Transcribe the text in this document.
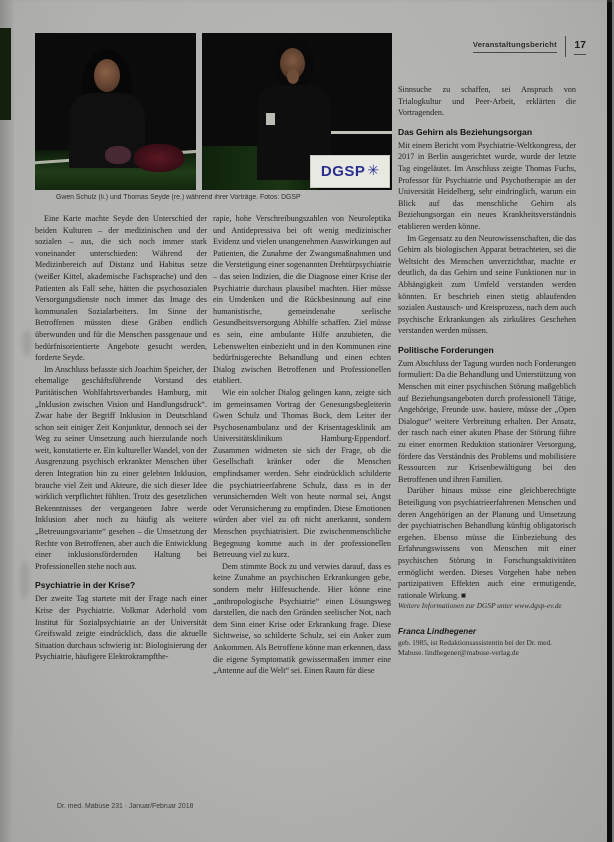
Veranstaltungsbericht 17
DGSP ✳
Gwen Schulz (li.) und Thomas Seyde (re.) während ihrer Vorträge. Fotos: DGSP

Eine Karte machte Seyde den Unterschied der beiden Kulturen – der medizinischen und der sozialen – aus, die sich noch immer stark voneinander unterschieden: Während der Medizinbereich auf Distanz und Habitus setze (weißer Kittel, akademische Fachsprache) und den Patienten als Fall sehe, hätten die psychosozialen Versorgungsdienste noch immer das Image des kommunalen Sozialarbeiters. Im Sinne der Betroffenen müssten diese Gräben endlich überwunden und für die Menschen passgenaue und bedürfnisorientierte Angebote gesucht werden, forderte Seyde.

Im Anschluss befasste sich Joachim Speicher, der ehemalige geschäftsführende Vorstand des Paritätischen Wohlfahrtsverbandes Hamburg, mit „Inklusion zwischen Vision und Handlungsdruck“. Zwar habe der Begriff Inklusion in Deutschland schon seit einiger Zeit Konjunktur, dennoch sei der Weg zu seiner Umsetzung auch hierzulande noch weit, konstatierte er. Ein kultureller Wandel, von der Ausgrenzung psychisch erkrankter Menschen über deren Integration hin zu einer gelebten Inklusion, brauche viel Zeit und Akteure, die sich dieser Idee wirklich verpflichtet fühlten. Trotz des gesetzlichen Bekenntnisses der vergangenen Jahre werde Inklusion aber noch zu häufig als weitere „Betreuungsvariante“ gesehen – die Umsetzung der Rechte von Betroffenen, aber auch die Entwicklung einer inklusionsfördernden Haltung bei Professionellen stehe noch aus.

Psychiatrie in der Krise?

Der zweite Tag startete mit der Frage nach einer Krise der Psychiatrie. Volkmar Aderhold vom Institut für Sozialpsychiatrie an der Universität Greifswald zeigte eindrücklich, dass die aktuelle Situation durchaus schwierig ist: Biologisierung der Psychiatrie, häufigere Elektrokrampfthe-

rapie, hohe Verschreibungszahlen von Neuroleptika und Antidepressiva bei oft wenig medizinischer Evidenz und vielen unangenehmen Auswirkungen auf Patienten, die Zunahme der Zwangsmaßnahmen und die Verstetigung einer sogenannten Drehtürpsychiatrie – das seien Indizien, die die Diagnose einer Krise der Psychiatrie durchaus plausibel machten. Hier müsse ein Umdenken und die Rückbesinnung auf eine humanistische, gemeindenahe seelische Gesundheitsversorgung Abhilfe schaffen. Ziel müsse es sein, eine ambulante Hilfe anzubieten, die Lebenswelten einbezieht und in den Kommunen eine bedürfnisgerechte Behandlung und einen echten Dialog zwischen Betroffenen und Professionellen etabliert.

Wie ein solcher Dialog gelingen kann, zeigte sich im gemeinsamen Vortrag der Genesungsbegleiterin Gwen Schulz und Thomas Bock, dem Leiter der Psychosenambulanz und der Krisentagesklinik am Universitätsklinikum Hamburg-Eppendorf. Zusammen widmeten sie sich der Frage, ob die Gesellschaft kränker oder die Menschen empfindsamer werden. Sehr eindrücklich schilderte die psychiatrieerfahrene Schulz, dass es in der verunsichernden Welt von heute normal sei, Angst oder Verunsicherung zu empfinden. Diese Emotionen würden aber viel zu oft nicht anerkannt, sondern Menschen psychiatrisiert. Die zwischenmenschliche Begegnung komme auch in der professionellen Betreuung viel zu kurz.

Dem stimmte Bock zu und verwies darauf, dass es keine Zunahme an psychischen Erkrankungen gebe, sondern mehr Hilfesuchende. Hier könne eine „anthropologische Psychiatrie“ einen Lösungsweg darstellen, die nach den Gründen seelischer Not, nach dem Sinn einer Krise oder Erkrankung frage. Diese Sichtweise, so schilderte Schulz, sei ein Anker zum Ankommen. Als Betroffene könne man erkennen, dass die eigene Symptomatik gewissermaßen immer eine „Antenne auf die Welt“ sei. Einen Raum für diese

Sinnsuche zu schaffen, sei Anspruch von Trialogkultur und Peer-Arbeit, erklärten die Vortragenden.

Das Gehirn als Beziehungsorgan

Mit einem Bericht vom Psychiatrie-Weltkongress, der 2017 in Berlin ausgerichtet wurde, wurde der letzte Tag eingeläutet. Im Anschluss zeigte Thomas Fuchs, Professor für Psychiatrie und Psychotherapie an der Universität Heidelberg, sehr eindringlich, warum ein Blick auf das menschliche Gehirn als Beziehungsorgan ein neues Krankheitsverständnis etablieren werden könne.

Im Gegensatz zu den Neurowissenschaften, die das Gehirn als biologischen Apparat betrachteten, sei die Weltsicht des Menschen unverzichtbar, machte er deutlich, da das Gehirn und seine Funktionen nur in Abhängigkeit zum Umfeld verstanden werden könnten. Er beschrieb einen stetig ablaufenden sozialen Austausch- und Kreisprozess, nach dem auch psychische Erkrankungen als zirkuläres Geschehen verstanden werden müssen.

Politische Forderungen

Zum Abschluss der Tagung wurden noch Forderungen formuliert: Da die Behandlung und Unterstützung von Menschen mit einer psychischen Störung maßgeblich auf Beziehungsangeboten durch professionell Tätige, Angehörige, Freunde usw. basiere, müsse der „Open Dialogue“ weitere Verbreitung erhalten. Der Ansatz, der rasch nach einer akuten Phase der Störung führe zu einer enormen Reduktion stationärer Versorgung, fördere das Verständnis des Problems und mobilisiere Ressourcen zur Krisenbewältigung bei den Betroffenen und ihren Familien.

Darüber hinaus müsse eine gleichberechtigte Beteiligung von psychiatrieerfahrenen Menschen und deren Angehörigen an der Planung und Umsetzung der psychiatrischen Behandlung künftig obligatorisch ergehen. Ebenso müsse die Einbeziehung des Erfahrungswissens von Menschen mit einer psychischen Störung in Forschungsaktivitäten ermöglicht werden. Dieses Vorgehen habe neben partizipativen Effekten auch eine ermutigende, rationale Wirkung. ■

Weitere Informationen zur DGSP unter www.dgsp-ev.de

Franca Lindhegener

geb. 1985, ist Redaktionsassistentin bei der Dr. med. Mabuse. lindhegener@mabuse-verlag.de

Dr. med. Mabuse 231 · Januar/Februar 2018
